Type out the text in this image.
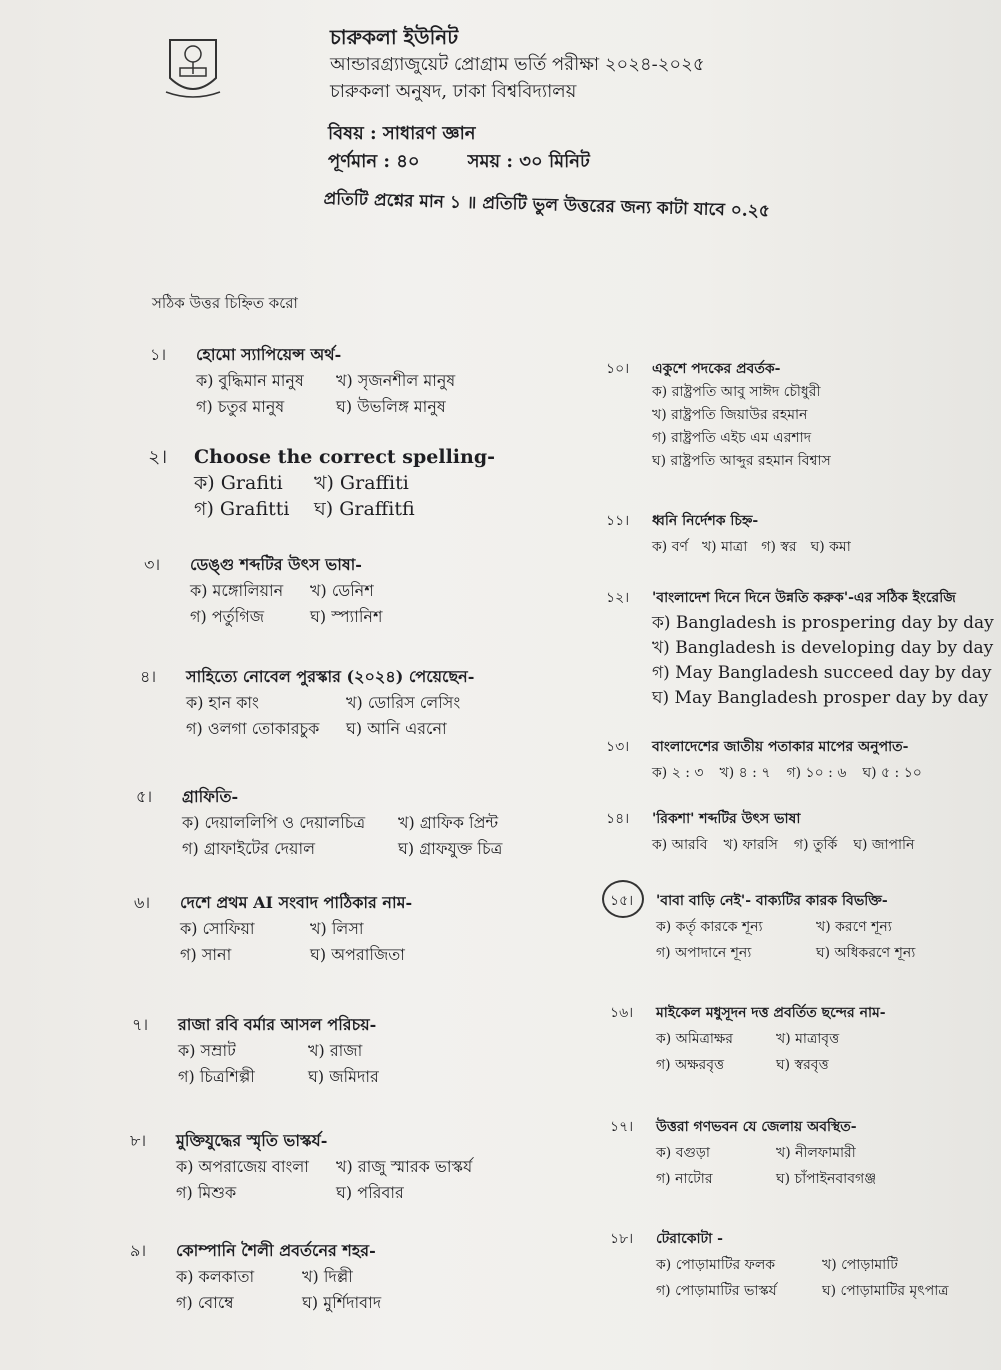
চারুকলা ইউনিট
আন্ডারগ্র্যাজুয়েট প্রোগ্রাম ভর্তি পরীক্ষা ২০২৪-২০২৫
চারুকলা অনুষদ, ঢাকা বিশ্ববিদ্যালয়
বিষয় : সাধারণ জ্ঞান
পূর্ণমান : ৪০	সময় : ৩০ মিনিট
প্রতিটি প্রশ্নের মান ১ ॥ প্রতিটি ভুল উত্তরের জন্য কাটা যাবে ০.২৫
সঠিক উত্তর চিহ্নিত করো
১।	হোমো স্যাপিয়েন্স অর্থ-
ক) বুদ্ধিমান মানুষ	খ) সৃজনশীল মানুষ
গ) চতুর মানুষ	ঘ) উভলিঙ্গ মানুষ
২।	Choose the correct spelling-
ক) Grafiti	খ) Graffiti
গ) Grafitti	ঘ) Graffitfi
৩।	ডেঙ্গু শব্দটির উৎস ভাষা-
ক) মঙ্গোলিয়ান	খ) ডেনিশ
গ) পর্তুগিজ	ঘ) স্প্যানিশ
৪।	সাহিত্যে নোবেল পুরস্কার (২০২৪) পেয়েছেন-
ক) হান কাং	খ) ডোরিস লেসিং
গ) ওলগা তোকারচুক	ঘ) আনি এরনো
৫।	গ্রাফিতি-
ক) দেয়াললিপি ও দেয়ালচিত্র	খ) গ্রাফিক প্রিন্ট
গ) গ্রাফাইটের দেয়াল	ঘ) গ্রাফযুক্ত চিত্র
৬।	দেশে প্রথম AI সংবাদ পাঠিকার নাম-
ক) সোফিয়া	খ) লিসা
গ) সানা	ঘ) অপরাজিতা
৭।	রাজা রবি বর্মার আসল পরিচয়-
ক) সম্রাট	খ) রাজা
গ) চিত্রশিল্পী	ঘ) জমিদার
৮।	মুক্তিযুদ্ধের স্মৃতি ভাস্কর্য-
ক) অপরাজেয় বাংলা	খ) রাজু স্মারক ভাস্কর্য
গ) মিশুক	ঘ) পরিবার
৯।	কোম্পানি শৈলী প্রবর্তনের শহর-
ক) কলকাতা	খ) দিল্লী
গ) বোম্বে	ঘ) মুর্শিদাবাদ
১০।	একুশে পদকের প্রবর্তক-
ক) রাষ্ট্রপতি আবু সাঈদ চৌধুরী
খ) রাষ্ট্রপতি জিয়াউর রহমান
গ) রাষ্ট্রপতি এইচ এম এরশাদ
ঘ) রাষ্ট্রপতি আব্দুর রহমান বিশ্বাস
১১।	ধ্বনি নির্দেশক চিহ্ন-
ক) বর্ণ খ) মাত্রা গ) স্বর ঘ) কমা
১২।	'বাংলাদেশ দিনে দিনে উন্নতি করুক'-এর সঠিক ইংরেজি
ক) Bangladesh is prospering day by day
খ) Bangladesh is developing day by day
গ) May Bangladesh succeed day by day
ঘ) May Bangladesh prosper day by day
১৩।	বাংলাদেশের জাতীয় পতাকার মাপের অনুপাত-
ক) ২ : ৩ খ) ৪ : ৭ গ) ১০ : ৬ ঘ) ৫ : ১০
১৪।	'রিকশা' শব্দটির উৎস ভাষা
ক) আরবি খ) ফারসি গ) তুর্কি ঘ) জাপানি
১৫।	'বাবা বাড়ি নেই'- বাক্যটির কারক বিভক্তি-
ক) কর্তৃ কারকে শূন্য	খ) করণে শূন্য
গ) অপাদানে শূন্য	ঘ) অধিকরণে শূন্য
১৬।	মাইকেল মধুসূদন দত্ত প্রবর্তিত ছন্দের নাম-
ক) অমিত্রাক্ষর	খ) মাত্রাবৃত্ত
গ) অক্ষরবৃত্ত	ঘ) স্বরবৃত্ত
১৭।	উত্তরা গণভবন যে জেলায় অবস্থিত-
ক) বগুড়া	খ) নীলফামারী
গ) নাটোর	ঘ) চাঁপাইনবাবগঞ্জ
১৮।	টেরাকোটা -
ক) পোড়ামাটির ফলক	খ) পোড়ামাটি
গ) পোড়ামাটির ভাস্কর্য	ঘ) পোড়ামাটির মৃৎপাত্র
